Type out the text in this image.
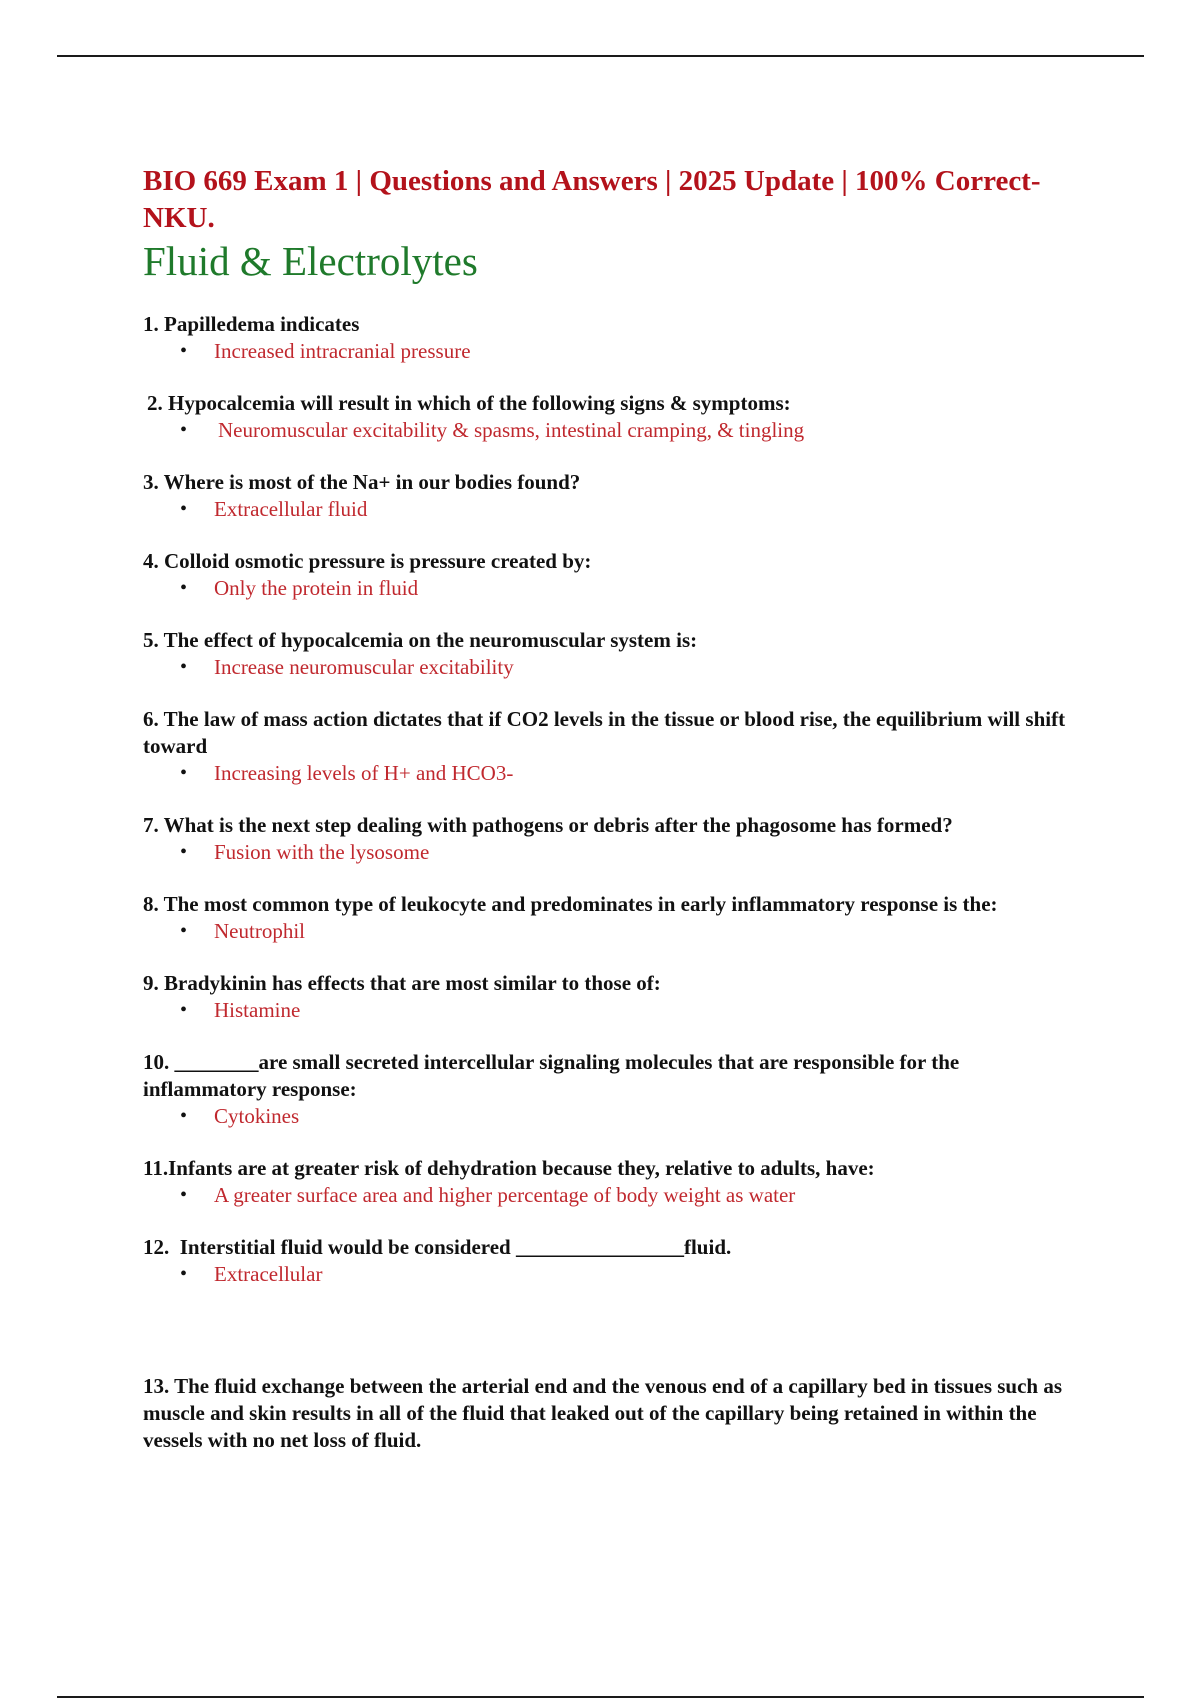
BIO 669 Exam 1 | Questions and Answers | 2025 Update | 100% Correct-NKU.
Fluid & Electrolytes

1. Papilledema indicates

• Increased intracranial pressure

2. Hypocalcemia will result in which of the following signs & symptoms:

• Neuromuscular excitability & spasms, intestinal cramping, & tingling

3. Where is most of the Na+ in our bodies found?

• Extracellular fluid

4. Colloid osmotic pressure is pressure created by:

• Only the protein in fluid

5. The effect of hypocalcemia on the neuromuscular system is:

• Increase neuromuscular excitability

6. The law of mass action dictates that if CO2 levels in the tissue or blood rise, the equilibrium will shift toward

• Increasing levels of H+ and HCO3-

7. What is the next step dealing with pathogens or debris after the phagosome has formed?

• Fusion with the lysosome

8. The most common type of leukocyte and predominates in early inflammatory response is the:

• Neutrophil

9. Bradykinin has effects that are most similar to those of:

• Histamine

10. ________are small secreted intercellular signaling molecules that are responsible for the inflammatory response:

• Cytokines

11.Infants are at greater risk of dehydration because they, relative to adults, have:

• A greater surface area and higher percentage of body weight as water

12. Interstitial fluid would be considered ________________fluid.

• Extracellular

13. The fluid exchange between the arterial end and the venous end of a capillary bed in tissues such as muscle and skin results in all of the fluid that leaked out of the capillary being retained in within the vessels with no net loss of fluid.
